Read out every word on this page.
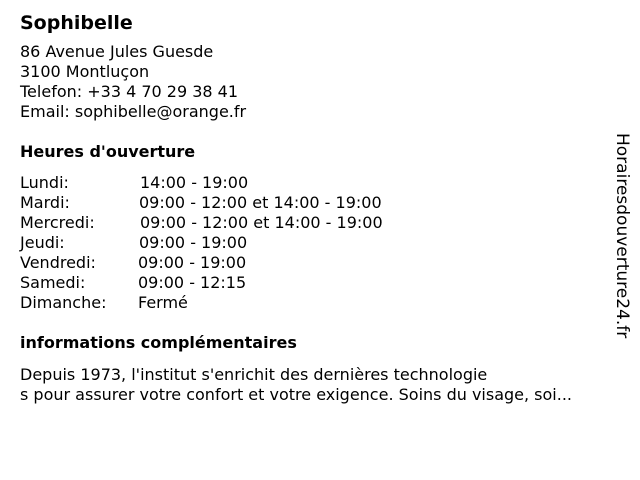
Sophibelle
86 Avenue Jules Guesde
3100 Montluçon
Telefon: +33 4 70 29 38 41
Email: sophibelle@orange.fr
Heures d'ouverture
Lundi:	14:00 - 19:00
Mardi:	09:00 - 12:00 et 14:00 - 19:00
Mercredi:	09:00 - 12:00 et 14:00 - 19:00
Jeudi:	09:00 - 19:00
Vendredi:	09:00 - 19:00
Samedi:	09:00 - 12:15
Dimanche:	Fermé
informations complémentaires
Depuis 1973, l'institut s'enrichit des dernières technologie
s pour assurer votre confort et votre exigence. Soins du visage, soi...
Horairesdouverture24.fr
